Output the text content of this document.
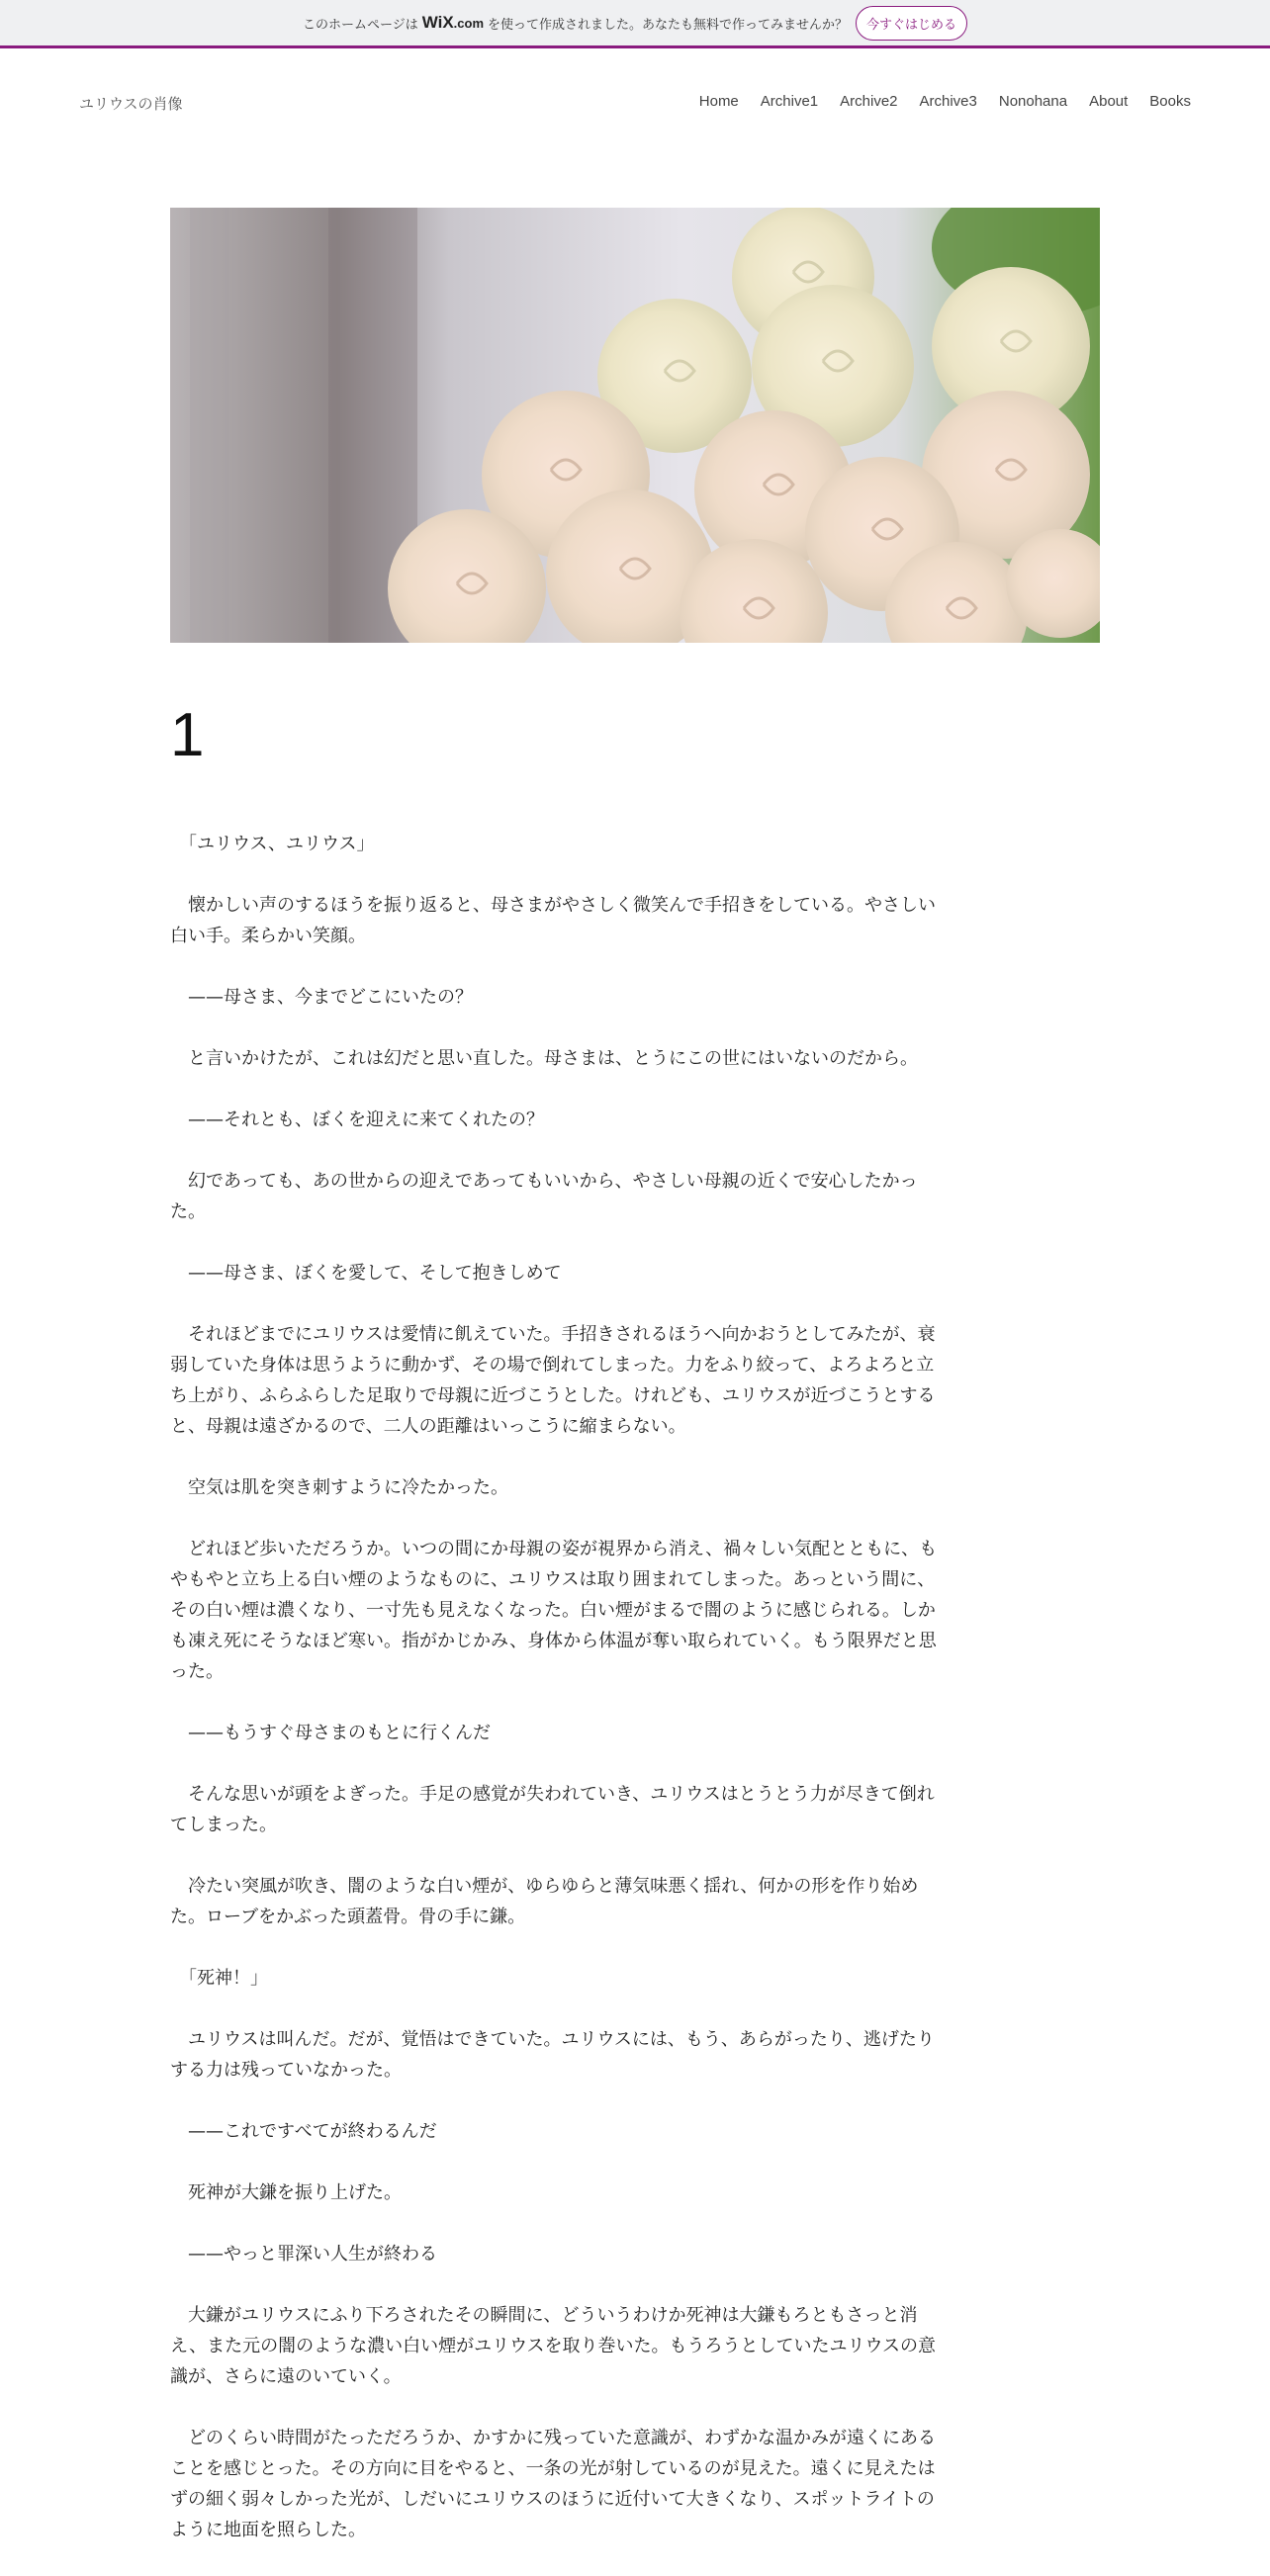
このホームページは WiX.com を使って作成されました。あなたも無料で作ってみませんか？	今すぐはじめる
ユリウスの肖像	Home Archive1 Archive2 Archive3 Nonohana About Books
1

　「ユリウス、ユリウス」

　懐かしい声のするほうを振り返ると、母さまがやさしく微笑んで手招きをしている。やさしい白い手。柔らかい笑顔。

　——母さま、今までどこにいたの？

　と言いかけたが、これは幻だと思い直した。母さまは、とうにこの世にはいないのだから。

　——それとも、ぼくを迎えに来てくれたの？

　幻であっても、あの世からの迎えであってもいいから、やさしい母親の近くで安心したかった。

　——母さま、ぼくを愛して、そして抱きしめて

　それほどまでにユリウスは愛情に飢えていた。手招きされるほうへ向かおうとしてみたが、衰弱していた身体は思うように動かず、その場で倒れてしまった。力をふり絞って、よろよろと立ち上がり、ふらふらした足取りで母親に近づこうとした。けれども、ユリウスが近づこうとすると、母親は遠ざかるので、二人の距離はいっこうに縮まらない。

　空気は肌を突き刺すように冷たかった。

　どれほど歩いただろうか。いつの間にか母親の姿が視界から消え、禍々しい気配とともに、もやもやと立ち上る白い煙のようなものに、ユリウスは取り囲まれてしまった。あっという間に、その白い煙は濃くなり、一寸先も見えなくなった。白い煙がまるで闇のように感じられる。しかも凍え死にそうなほど寒い。指がかじかみ、身体から体温が奪い取られていく。もう限界だと思った。

　——もうすぐ母さまのもとに行くんだ

　そんな思いが頭をよぎった。手足の感覚が失われていき、ユリウスはとうとう力が尽きて倒れてしまった。

　冷たい突風が吹き、闇のような白い煙が、ゆらゆらと薄気味悪く揺れ、何かの形を作り始めた。ローブをかぶった頭蓋骨。骨の手に鎌。

　「死神！」

　ユリウスは叫んだ。だが、覚悟はできていた。ユリウスには、もう、あらがったり、逃げたりする力は残っていなかった。

　——これですべてが終わるんだ

　死神が大鎌を振り上げた。

　——やっと罪深い人生が終わる

　大鎌がユリウスにふり下ろされたその瞬間に、どういうわけか死神は大鎌もろともさっと消え、また元の闇のような濃い白い煙がユリウスを取り巻いた。もうろうとしていたユリウスの意識が、さらに遠のいていく。

　どのくらい時間がたっただろうか、かすかに残っていた意識が、わずかな温かみが遠くにあることを感じとった。その方向に目をやると、一条の光が射しているのが見えた。遠くに見えたはずの細く弱々しかった光が、しだいにユリウスのほうに近付いて大きくなり、スポットライトのように地面を照らした。
